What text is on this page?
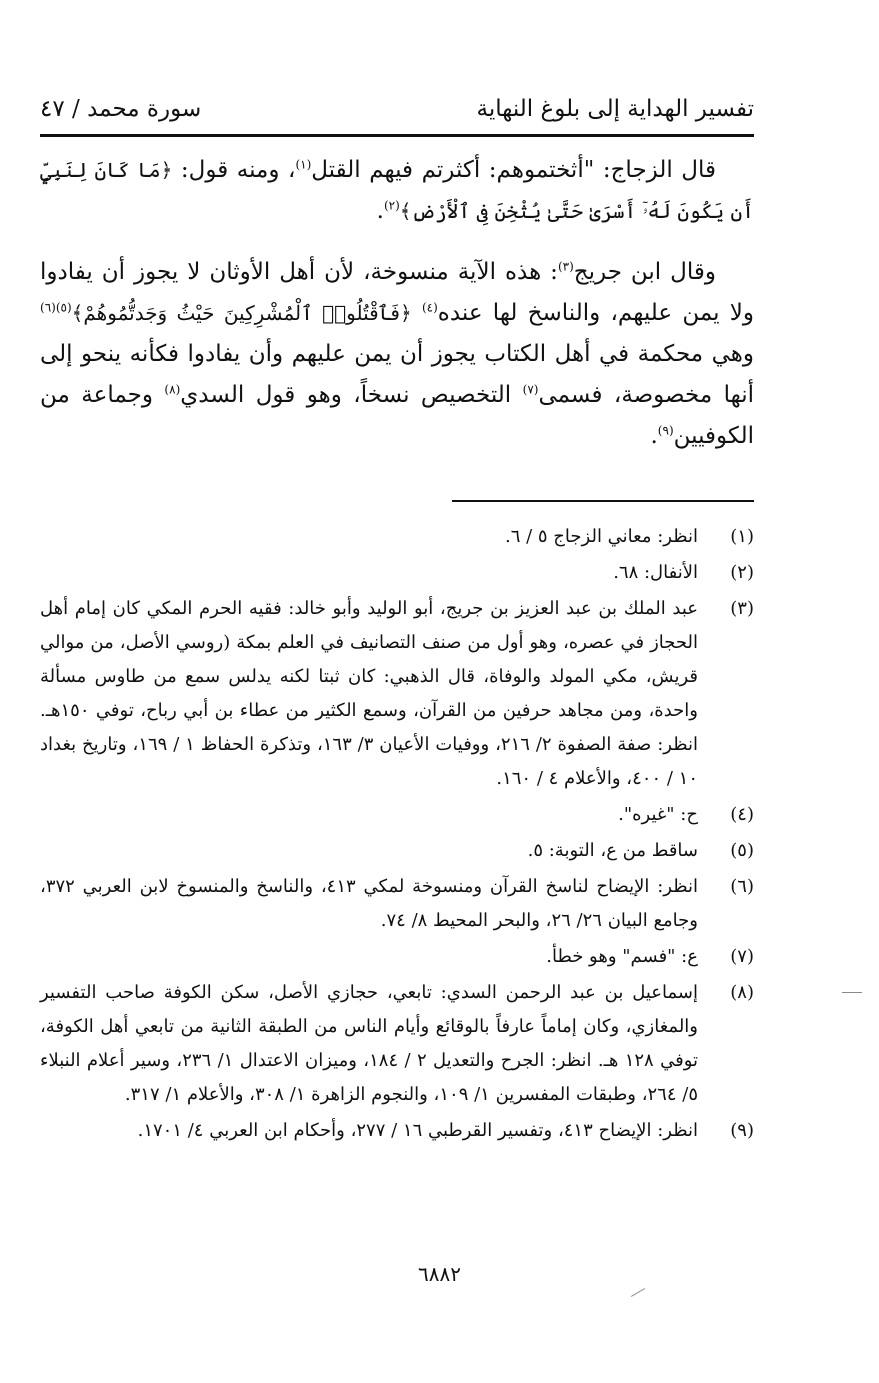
تفسير الهداية إلى بلوغ النهاية
سورة محمد / ٤٧

قال الزجاج: "أثختموهم: أكثرتم فيهم القتل$^{(١)}$، ومنه قول: ﴿مَا كَانَ لِنَبِيٍّ أَن يَكُونَ لَهُۥٓ أَسْرَىٰ حَتَّىٰ يُثْخِنَ فِى ٱلْأَرْضِ﴾$^{(٢)}$.

وقال ابن جريج$^{(٣)}$: هذه الآية منسوخة، لأن أهل الأوثان لا يجوز أن يفادوا ولا يمن عليهم، والناسخ لها عنده$^{(٤)}$ ﴿فَٱقْتُلُوا۟ ٱلْمُشْرِكِينَ حَيْثُ وَجَدتُّمُوهُمْ﴾$^{(٥)(٦)}$ وهي محكمة في أهل الكتاب يجوز أن يمن عليهم وأن يفادوا فكأنه ينحو إلى أنها مخصوصة، فسمى$^{(٧)}$ التخصيص نسخاً، وهو قول السدي$^{(٨)}$ وجماعة من الكوفيين$^{(٩)}$.

(١)
انظر: معاني الزجاج ٥ / ٦.
(٢)
الأنفال: ٦٨.
(٣)
عبد الملك بن عبد العزيز بن جريج، أبو الوليد وأبو خالد: فقيه الحرم المكي كان إمام أهل الحجاز في عصره، وهو أول من صنف التصانيف في العلم بمكة (روسي الأصل، من موالي قريش، مكي المولد والوفاة، قال الذهبي: كان ثبتا لكنه يدلس سمع من طاوس مسألة واحدة، ومن مجاهد حرفين من القرآن، وسمع الكثير من عطاء بن أبي رباح، توفي ١٥٠هـ. انظر: صفة الصفوة ٢/ ٢١٦، ووفيات الأعيان ٣/ ١٦٣، وتذكرة الحفاظ ١ / ١٦٩، وتاريخ بغداد ١٠ / ٤٠٠، والأعلام ٤ / ١٦٠.
(٤)
ح: "غيره".
(٥)
ساقط من ع، التوبة: ٥.
(٦)
انظر: الإيضاح لناسخ القرآن ومنسوخة لمكي ٤١٣، والناسخ والمنسوخ لابن العربي ٣٧٢، وجامع البيان ٢٦/ ٢٦، والبحر المحيط ٨/ ٧٤.
(٧)
ع: "فسم" وهو خطأ.
(٨)
إسماعيل بن عبد الرحمن السدي: تابعي، حجازي الأصل، سكن الكوفة صاحب التفسير والمغازي، وكان إماماً عارفاً بالوقائع وأيام الناس من الطبقة الثانية من تابعي أهل الكوفة، توفي ١٢٨ هـ. انظر: الجرح والتعديل ٢ / ١٨٤، وميزان الاعتدال ١/ ٢٣٦، وسير أعلام النبلاء ٥/ ٢٦٤، وطبقات المفسرين ١/ ١٠٩، والنجوم الزاهرة ١/ ٣٠٨، والأعلام ١/ ٣١٧.
(٩)
انظر: الإيضاح ٤١٣، وتفسير القرطبي ١٦ / ٢٧٧، وأحكام ابن العربي ٤/ ١٧٠١.
٦٨٨٢
